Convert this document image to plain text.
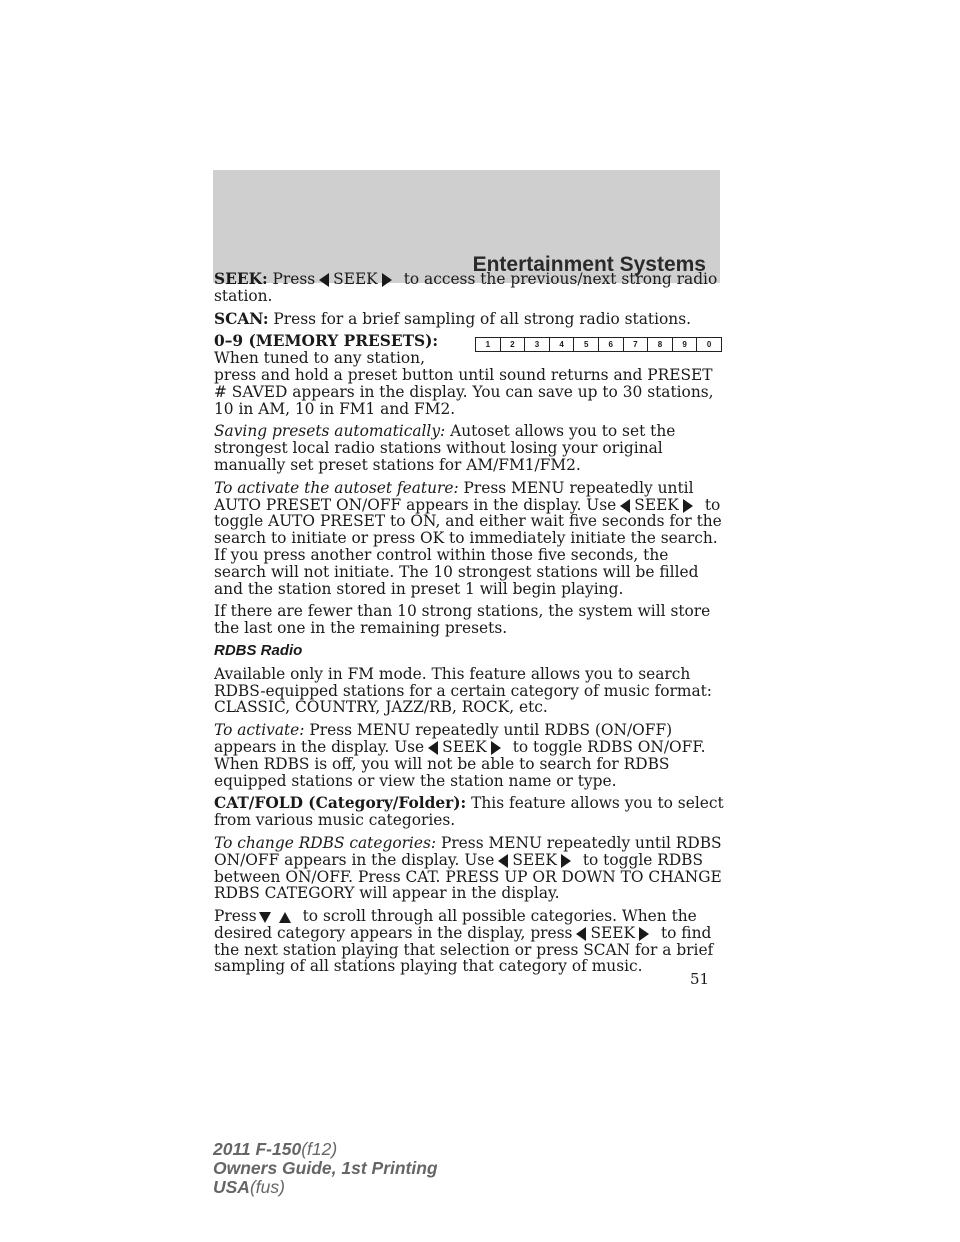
Entertainment Systems

SEEK: Press SEEK to access the previous/next strong radio station.

SCAN: Press for a brief sampling of all strong radio stations.

1	2	3	4	5	6	7	8	9	0

0–9 (MEMORY PRESETS): When tuned to any station, press and hold a preset button until sound returns and PRESET # SAVED appears in the display. You can save up to 30 stations, 10 in AM, 10 in FM1 and FM2.

Saving presets automatically: Autoset allows you to set the strongest local radio stations without losing your original manually set preset stations for AM/FM1/FM2.

To activate the autoset feature: Press MENU repeatedly until AUTO PRESET ON/OFF appears in the display. Use SEEK to toggle AUTO PRESET to ON, and either wait five seconds for the search to initiate or press OK to immediately initiate the search. If you press another control within those five seconds, the search will not initiate. The 10 strongest stations will be filled and the station stored in preset 1 will begin playing.

If there are fewer than 10 strong stations, the system will store the last one in the remaining presets.

RDBS Radio

Available only in FM mode. This feature allows you to search RDBS-equipped stations for a certain category of music format: CLASSIC, COUNTRY, JAZZ/RB, ROCK, etc.

To activate: Press MENU repeatedly until RDBS (ON/OFF) appears in the display. Use SEEK to toggle RDBS ON/OFF. When RDBS is off, you will not be able to search for RDBS equipped stations or view the station name or type.

CAT/FOLD (Category/Folder): This feature allows you to select from various music categories.

To change RDBS categories: Press MENU repeatedly until RDBS ON/OFF appears in the display. Use SEEK to toggle RDBS between ON/OFF. Press CAT. PRESS UP OR DOWN TO CHANGE RDBS CATEGORY will appear in the display.

Press	to scroll through all possible categories. When the desired category appears in the display, press SEEK to find the next station playing that selection or press SCAN for a brief sampling of all stations playing that category of music.

51
2011 F-150(f12)
Owners Guide, 1st Printing
USA(fus)
